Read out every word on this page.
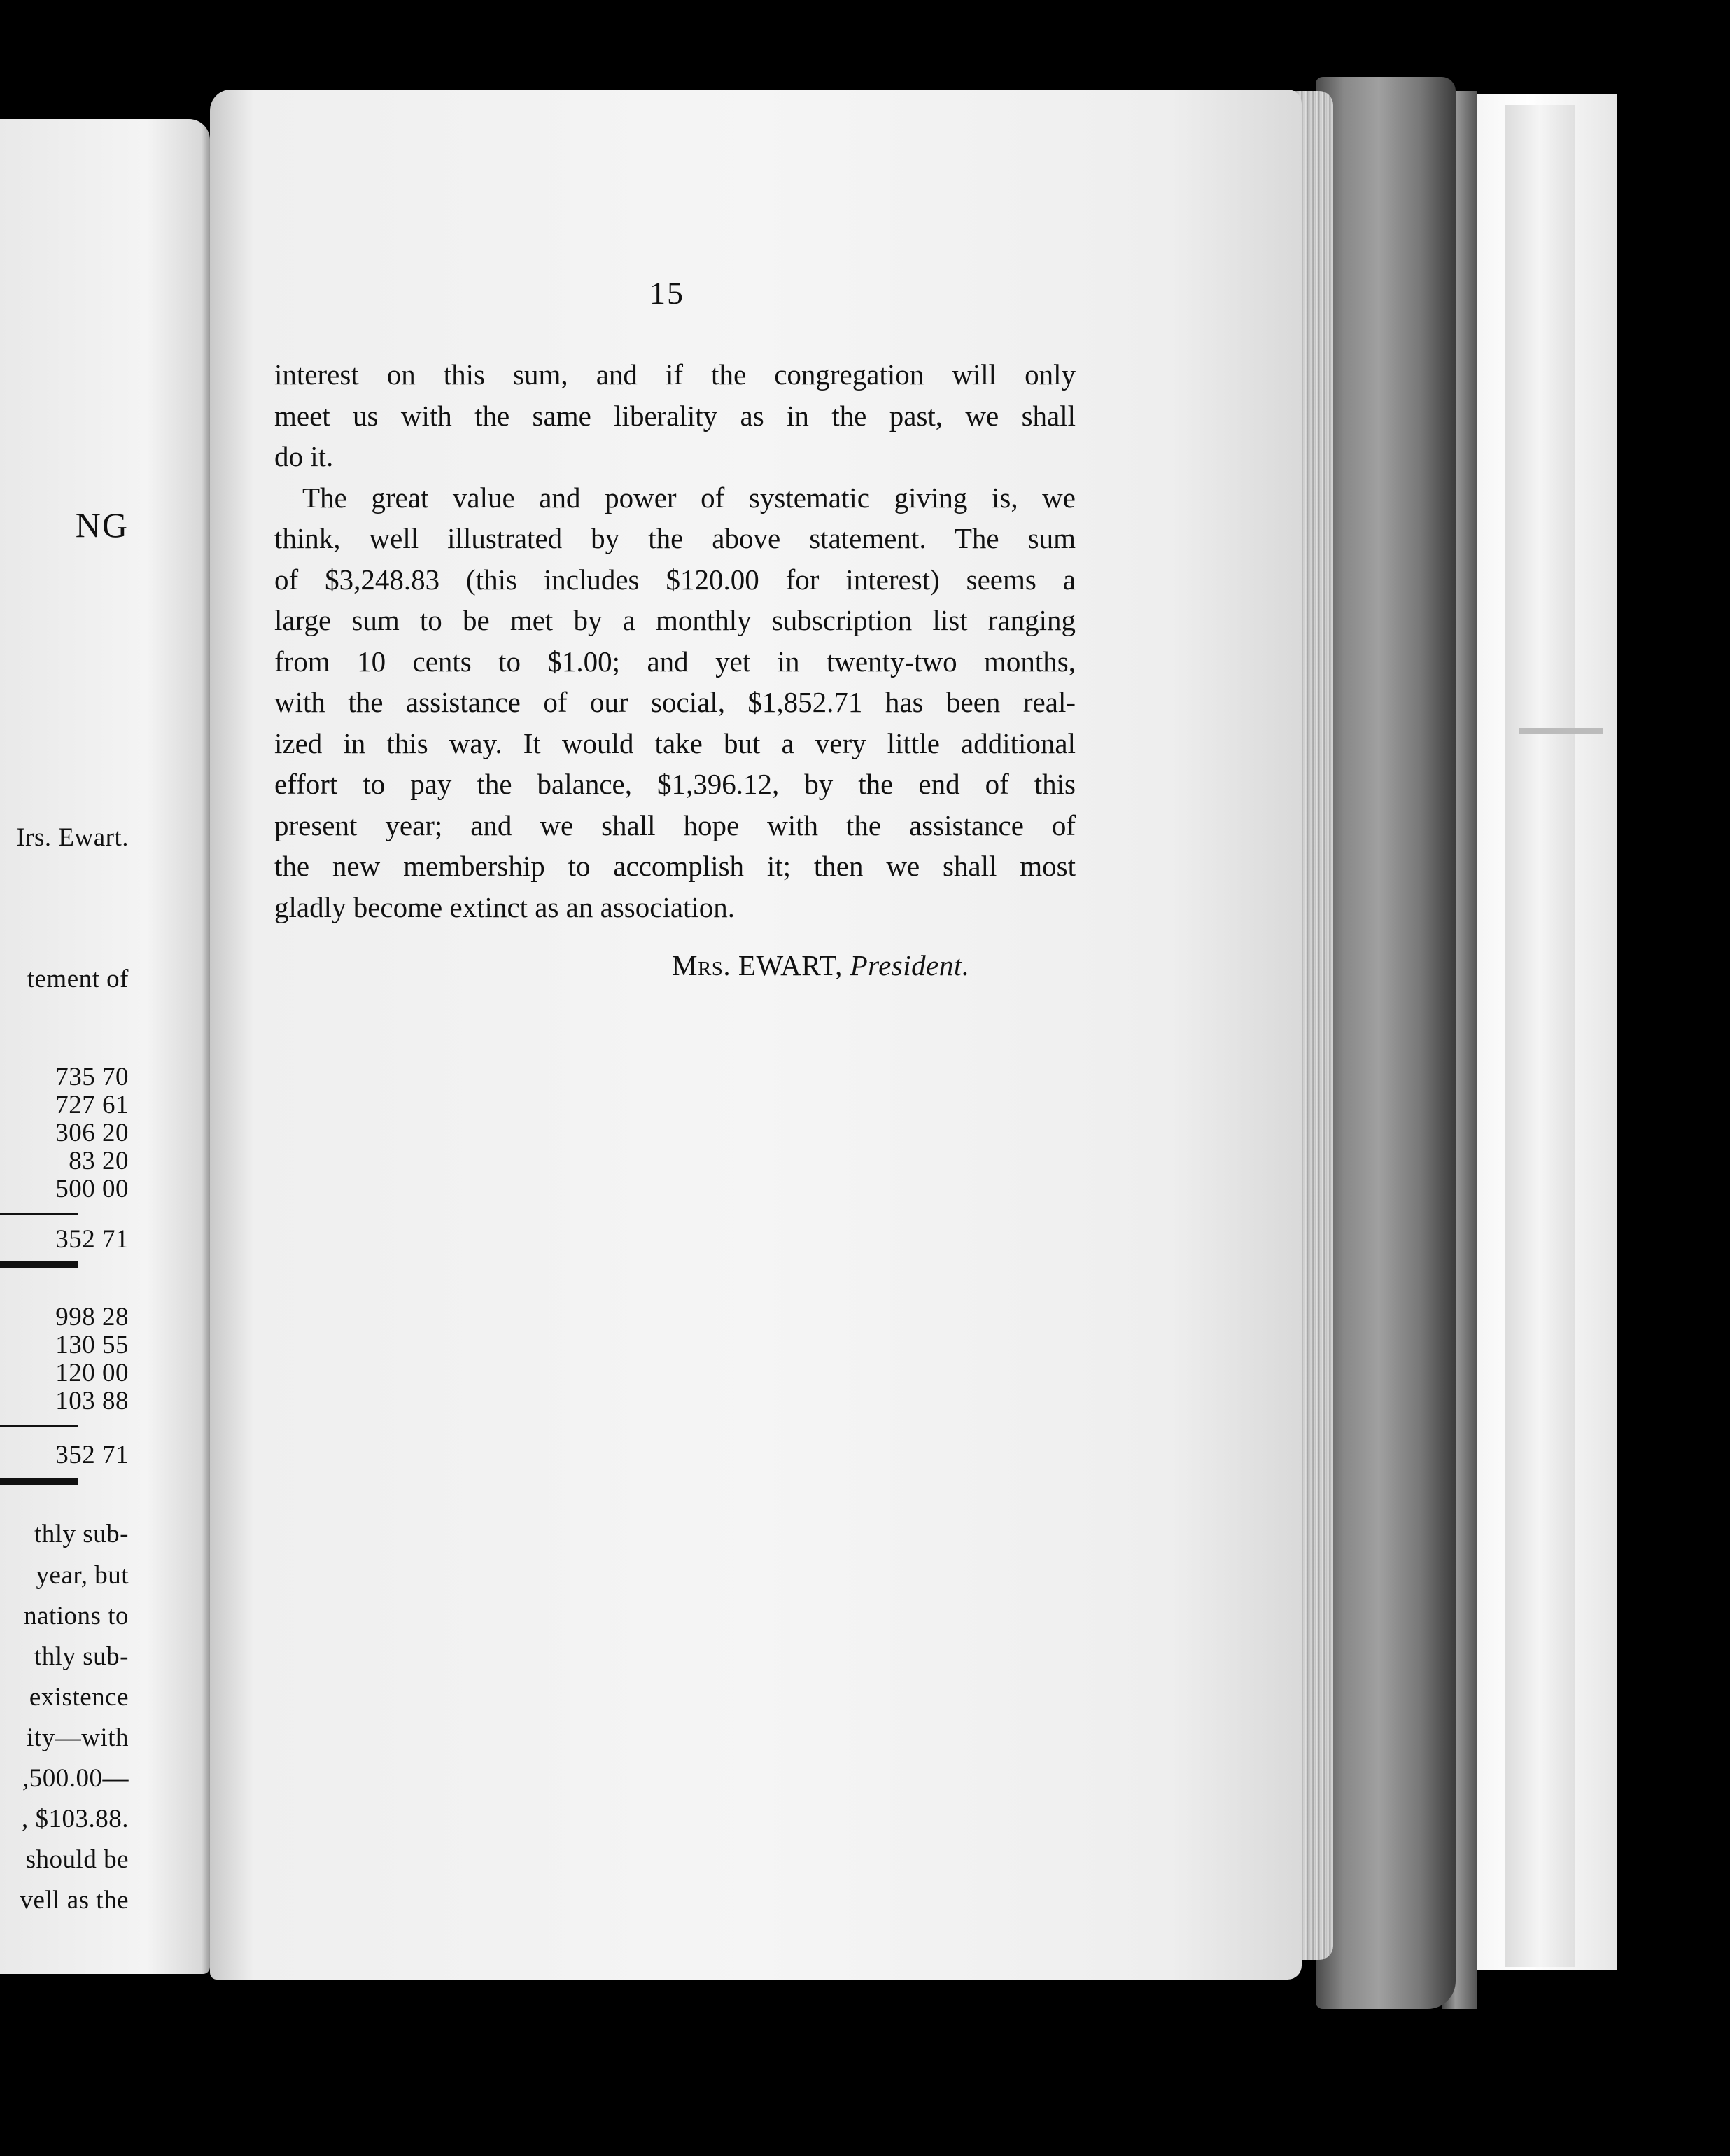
NG
Irs. Ewart.
tement of
735 70
727 61
306 20
83 20
500 00
352 71
998 28
130 55
120 00
103 88
352 71
thly sub-
year, but
nations to
thly sub-
existence
ity—with
,500.00—
, $103.88.
should be
vell as the
15
interest on this sum, and if the congregation will only
meet us with the same liberality as in the past, we shall
do it.
The great value and power of systematic giving is, we
think, well illustrated by the above statement. The sum
of $3,248.83 (this includes $120.00 for interest) seems a
large sum to be met by a monthly subscription list ranging
from 10 cents to $1.00; and yet in twenty-two months,
with the assistance of our social, $1,852.71 has been real-
ized in this way. It would take but a very little additional
effort to pay the balance, $1,396.12, by the end of this
present year; and we shall hope with the assistance of
the new membership to accomplish it; then we shall most
gladly become extinct as an association.
Mrs. EWART, President.
